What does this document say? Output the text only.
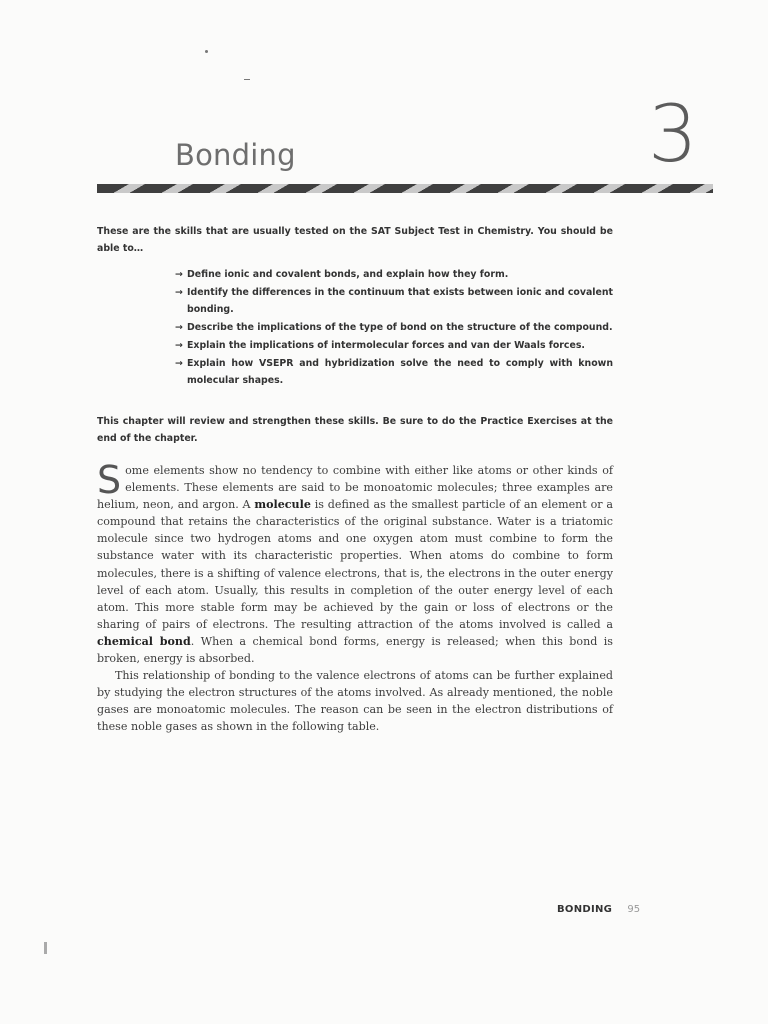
Bonding	3

These are the skills that are usually tested on the SAT Subject Test in Chemistry. You should be able to…

→ Define ionic and covalent bonds, and explain how they form.
→ Identify the differences in the continuum that exists between ionic and covalent bonding.
→ Describe the implications of the type of bond on the structure of the compound.
→ Explain the implications of intermolecular forces and van der Waals forces.
→ Explain how VSEPR and hybridization solve the need to comply with known molecular shapes.

This chapter will review and strengthen these skills. Be sure to do the Practice Exercises at the end of the chapter.

Some elements show no tendency to combine with either like atoms or other kinds of elements. These elements are said to be monoatomic molecules; three examples are helium, neon, and argon. A molecule is defined as the smallest particle of an element or a compound that retains the characteristics of the original substance. Water is a triatomic molecule since two hydrogen atoms and one oxygen atom must combine to form the substance water with its characteristic properties. When atoms do combine to form molecules, there is a shifting of valence electrons, that is, the electrons in the outer energy level of each atom. Usually, this results in completion of the outer energy level of each atom. This more stable form may be achieved by the gain or loss of electrons or the sharing of pairs of electrons. The resulting attraction of the atoms involved is called a chemical bond. When a chemical bond forms, energy is released; when this bond is broken, energy is absorbed.

This relationship of bonding to the valence electrons of atoms can be further explained by studying the electron structures of the atoms involved. As already mentioned, the noble gases are monoatomic molecules. The reason can be seen in the electron distributions of these noble gases as shown in the following table.

BONDING 95
